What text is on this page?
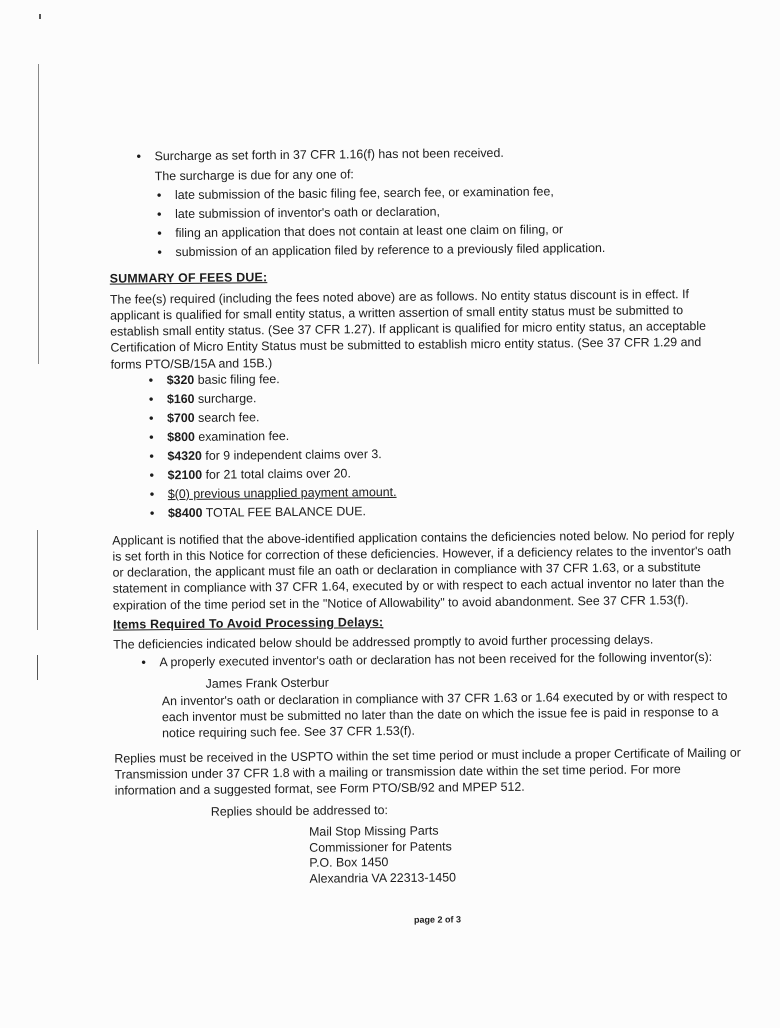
• Surcharge as set forth in 37 CFR 1.16(f) has not been received.

The surcharge is due for any one of:

• late submission of the basic filing fee, search fee, or examination fee,
• late submission of inventor's oath or declaration,
• filing an application that does not contain at least one claim on filing, or
• submission of an application filed by reference to a previously filed application.
SUMMARY OF FEES DUE:

The fee(s) required (including the fees noted above) are as follows. No entity status discount is in effect. If applicant is qualified for small entity status, a written assertion of small entity status must be submitted to establish small entity status. (See 37 CFR 1.27). If applicant is qualified for micro entity status, an acceptable Certification of Micro Entity Status must be submitted to establish micro entity status. (See 37 CFR 1.29 and forms PTO/SB/15A and 15B.)

• $320 basic filing fee.
• $160 surcharge.
• $700 search fee.
• $800 examination fee.
• $4320 for 9 independent claims over 3.
• $2100 for 21 total claims over 20.
• $(0) previous unapplied payment amount.
• $8400 TOTAL FEE BALANCE DUE.

Applicant is notified that the above-identified application contains the deficiencies noted below. No period for reply is set forth in this Notice for correction of these deficiencies. However, if a deficiency relates to the inventor's oath or declaration, the applicant must file an oath or declaration in compliance with 37 CFR 1.63, or a substitute statement in compliance with 37 CFR 1.64, executed by or with respect to each actual inventor no later than the expiration of the time period set in the "Notice of Allowability" to avoid abandonment. See 37 CFR 1.53(f).

Items Required To Avoid Processing Delays:

The deficiencies indicated below should be addressed promptly to avoid further processing delays.

• A properly executed inventor's oath or declaration has not been received for the following inventor(s):
James Frank Osterbur

An inventor's oath or declaration in compliance with 37 CFR 1.63 or 1.64 executed by or with respect to each inventor must be submitted no later than the date on which the issue fee is paid in response to a notice requiring such fee. See 37 CFR 1.53(f).

Replies must be received in the USPTO within the set time period or must include a proper Certificate of Mailing or Transmission under 37 CFR 1.8 with a mailing or transmission date within the set time period. For more information and a suggested format, see Form PTO/SB/92 and MPEP 512.

Replies should be addressed to:
Mail Stop Missing Parts
Commissioner for Patents
P.O. Box 1450
Alexandria VA 22313-1450
page 2 of 3
